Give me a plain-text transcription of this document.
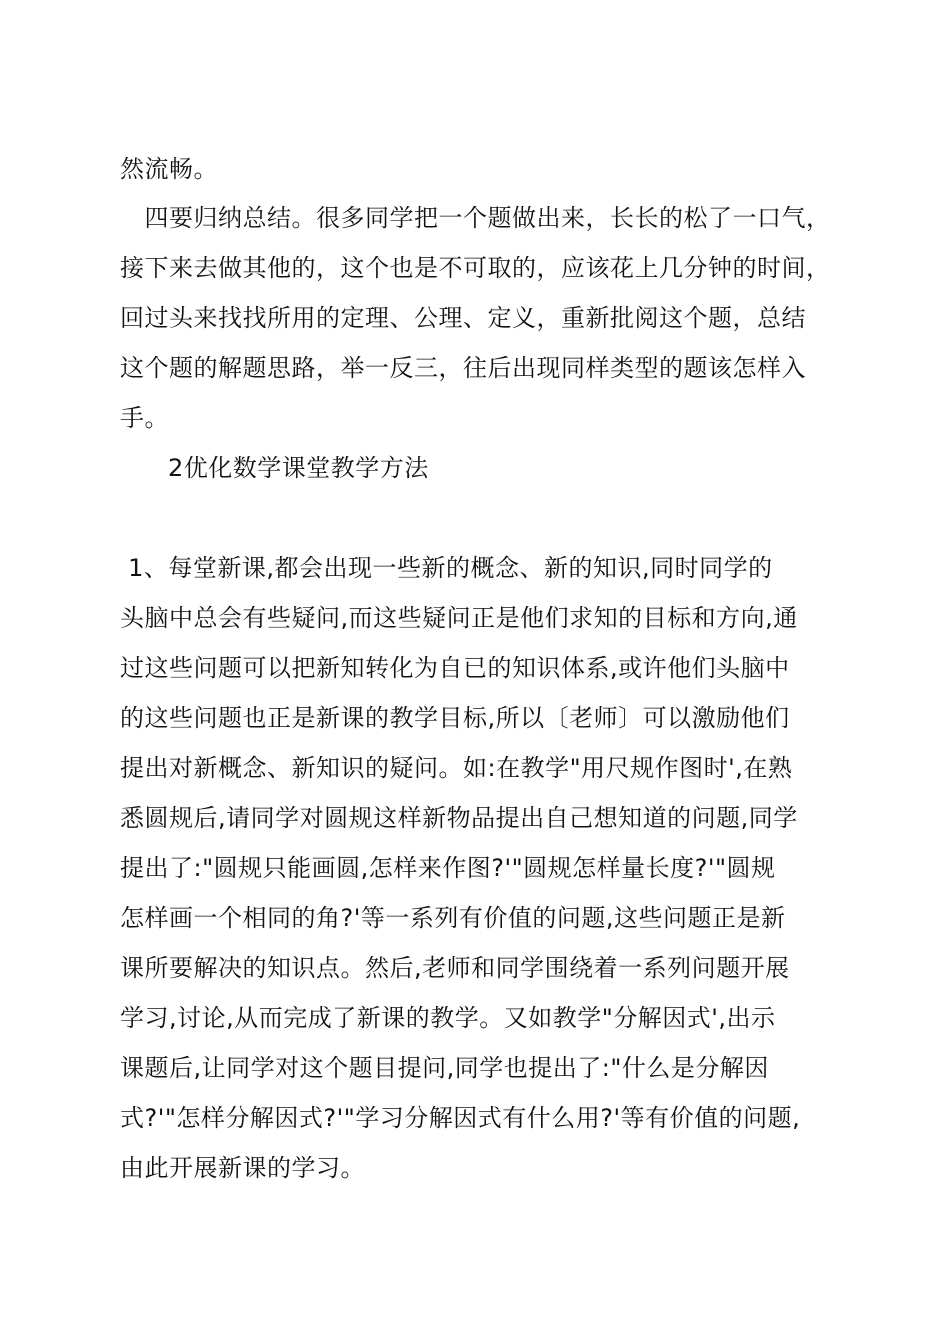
然流畅。
　四要归纳总结。很多同学把一个题做出来，长长的松了一口气，
接下来去做其他的，这个也是不可取的，应该花上几分钟的时间，
回过头来找找所用的定理、公理、定义，重新批阅这个题，总结
这个题的解题思路，举一反三，往后出现同样类型的题该怎样入
手。
2优化数学课堂教学方法
1、每堂新课,都会出现一些新的概念、新的知识,同时同学的
头脑中总会有些疑问,而这些疑问正是他们求知的目标和方向,通
过这些问题可以把新知转化为自已的知识体系,或许他们头脑中
的这些问题也正是新课的教学目标,所以〔老师〕可以激励他们
提出对新概念、新知识的疑问。如:在教学"用尺规作图时',在熟
悉圆规后,请同学对圆规这样新物品提出自己想知道的问题,同学
提出了:"圆规只能画圆,怎样来作图?'"圆规怎样量长度?'"圆规
怎样画一个相同的角?'等一系列有价值的问题,这些问题正是新
课所要解决的知识点。然后,老师和同学围绕着一系列问题开展
学习,讨论,从而完成了新课的教学。又如教学"分解因式',出示
课题后,让同学对这个题目提问,同学也提出了:"什么是分解因
式?'"怎样分解因式?'"学习分解因式有什么用?'等有价值的问题,
由此开展新课的学习。
